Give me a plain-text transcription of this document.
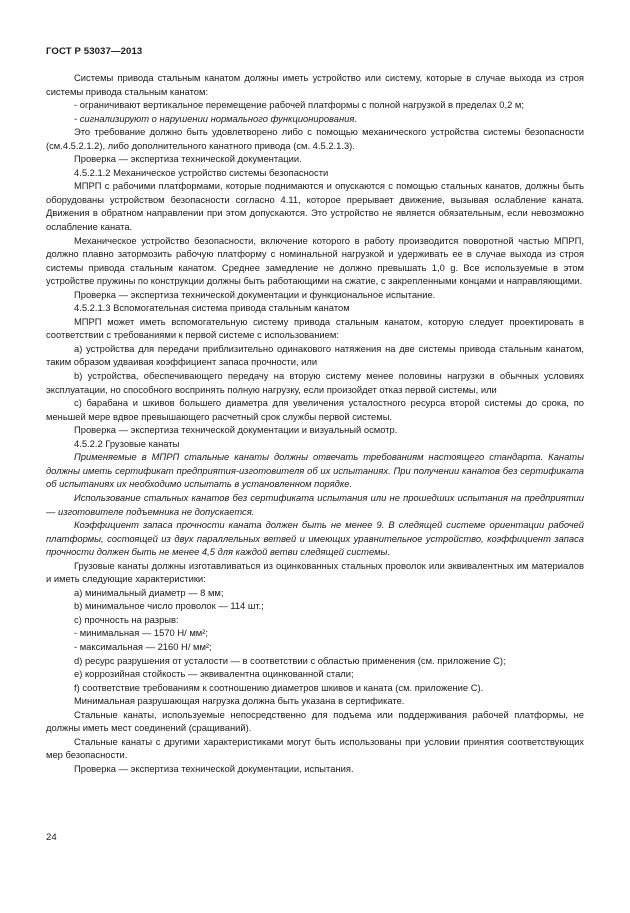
ГОСТ Р 53037—2013

Системы привода стальным канатом должны иметь устройство или систему, которые в случае выхода из строя системы привода стальным канатом:

- ограничивают вертикальное перемещение рабочей платформы с полной нагрузкой в пределах 0,2 м;

- сигнализируют о нарушении нормального функционирования.

Это требование должно быть удовлетворено либо с помощью механического устройства системы безопасности (см.4.5.2.1.2), либо дополнительного канатного привода (см. 4.5.2.1.3).

Проверка — экспертиза технической документации.

4.5.2.1.2 Механическое устройство системы безопасности

МПРП с рабочими платформами, которые поднимаются и опускаются с помощью стальных канатов, должны быть оборудованы устройством безопасности согласно 4.11, которое прерывает движение, вызывая ослабление каната. Движения в обратном направлении при этом допускаются. Это устройство не является обязательным, если невозможно ослабление каната.

Механическое устройство безопасности, включение которого в работу производится поворотной частью МПРП, должно плавно затормозить рабочую платформу с номинальной нагрузкой и удерживать ее в случае выхода из строя системы привода стальным канатом. Среднее замедление не должно превышать 1,0 g. Все используемые в этом устройстве пружины по конструкции должны быть работающими на сжатие, с закрепленными концами и направляющими.

Проверка — экспертиза технической документации и функциональное испытание.

4.5.2.1.3 Вспомогательная система привода стальным канатом

МПРП может иметь вспомогательную систему привода стальным канатом, которую следует проектировать в соответствии с требованиями к первой системе с использованием:

a) устройства для передачи приблизительно одинакового натяжения на две системы привода стальным канатом, таким образом удваивая коэффициент запаса прочности, или

b) устройства, обеспечивающего передачу на вторую систему менее половины нагрузки в обычных условиях эксплуатации, но способного воспринять полную нагрузку, если произойдет отказ первой системы, или

c) барабана и шкивов большего диаметра для увеличения усталостного ресурса второй системы до срока, по меньшей мере вдвое превышающего расчетный срок службы первой системы.

Проверка — экспертиза технической документации и визуальный осмотр.

4.5.2.2 Грузовые канаты

Применяемые в МПРП стальные канаты должны отвечать требованиям настоящего стандарта. Канаты должны иметь сертификат предприятия-изготовителя об их испытаниях. При получении канатов без сертификата об испытаниях их необходимо испытать в установленном порядке.

Использование стальных канатов без сертификата испытания или не прошедших испытания на предприятии — изготовителе подъемника не допускается.

Коэффициент запаса прочности каната должен быть не менее 9. В следящей системе ориентации рабочей платформы, состоящей из двух параллельных ветвей и имеющих уравнительное устройство, коэффициент запаса прочности должен быть не менее 4,5 для каждой ветви следящей системы.

Грузовые канаты должны изготавливаться из оцинкованных стальных проволок или эквивалентных им материалов и иметь следующие характеристики:

a) минимальный диаметр — 8 мм;

b) минимальное число проволок — 114 шт.;

c) прочность на разрыв:

- минимальная — 1570 Н/ мм²;

- максимальная — 2160 Н/ мм²;

d) ресурс разрушения от усталости — в соответствии с областью применения (см. приложение С);

e) коррозийная стойкость — эквивалентна оцинкованной стали;

f) соответствие требованиям к соотношению диаметров шкивов и каната (см. приложение С).

Минимальная разрушающая нагрузка должна быть указана в сертификате.

Стальные канаты, используемые непосредственно для подъема или поддерживания рабочей платформы, не должны иметь мест соединений (сращиваний).

Стальные канаты с другими характеристиками могут быть использованы при условии принятия соответствующих мер безопасности.

Проверка — экспертиза технической документации, испытания.

24
